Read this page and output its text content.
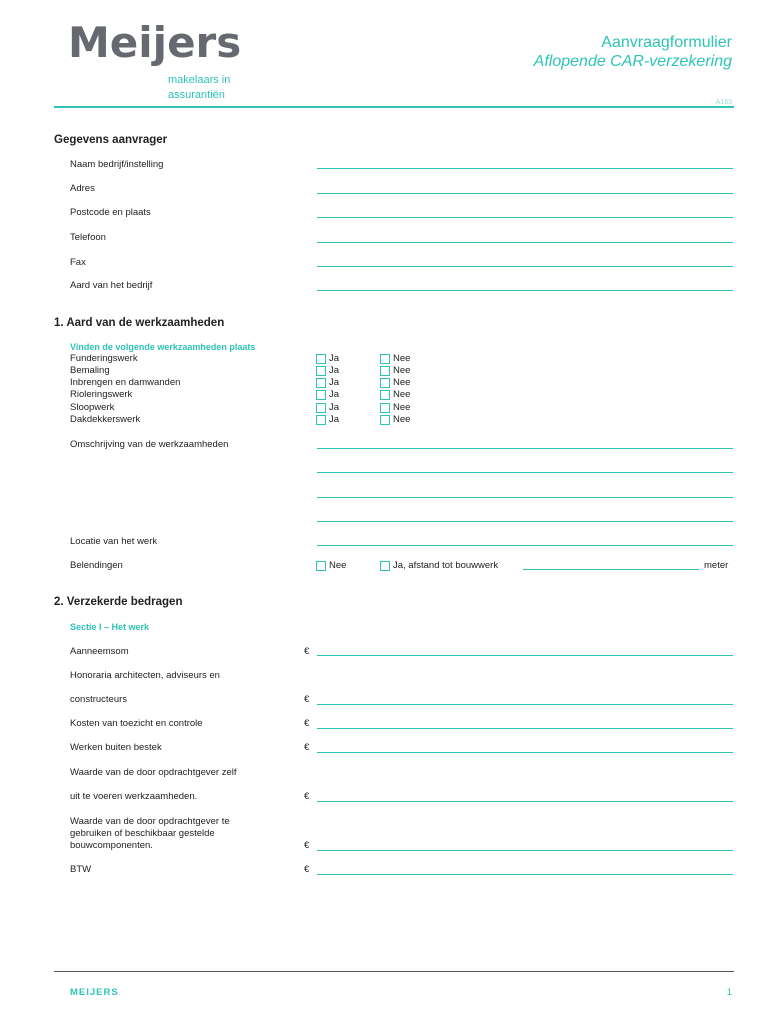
Meijers
makelaars in
assurantiën
Aanvraagformulier
Aflopende CAR-verzekering
A163
Gegevens aanvrager
Naam bedrijf/instelling
Adres
Postcode en plaats
Telefoon
Fax
Aard van het bedrijf
1. Aard van de werkzaamheden
Vinden de volgende werkzaamheden plaats
Funderingswerk	Ja	Nee
Bemaling	Ja	Nee
Inbrengen en damwanden	Ja	Nee
Rioleringswerk	Ja	Nee
Sloopwerk	Ja	Nee
Dakdekkerswerk	Ja	Nee
Omschrijving van de werkzaamheden
Locatie van het werk
Belendingen	Nee	Ja, afstand tot bouwwerk	meter
2. Verzekerde bedragen
Sectie I – Het werk
Aanneemsom	€
Honoraria architecten, adviseurs en
constructeurs	€
Kosten van toezicht en controle	€
Werken buiten bestek	€
Waarde van de door opdrachtgever zelf
uit te voeren werkzaamheden.	€
Waarde van de door opdrachtgever te
gebruiken of beschikbaar gestelde
bouwcomponenten.	€
BTW	€
MEIJERS	1
